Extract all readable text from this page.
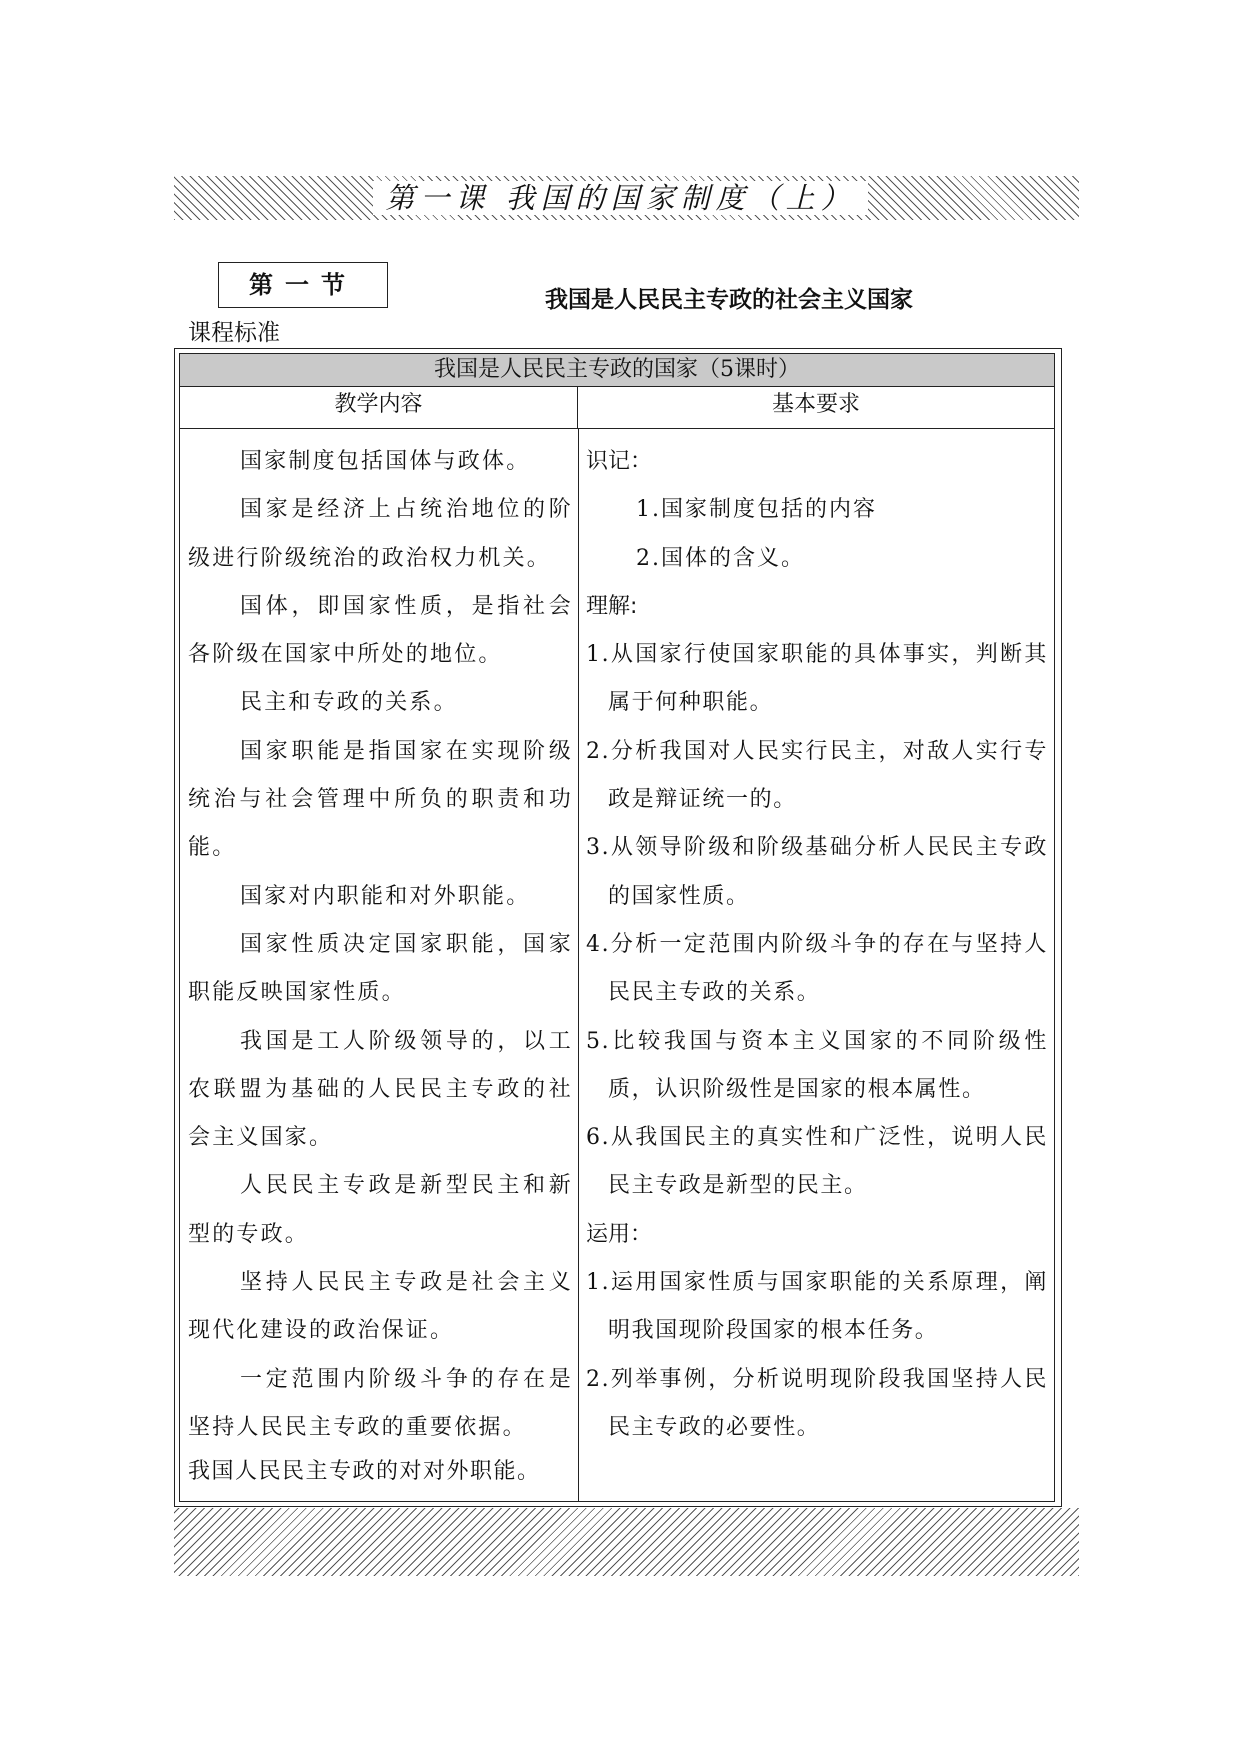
第一课 我国的国家制度（上）
第一节
我国是人民民主专政的社会主义国家
课程标准
我国是人民民主专政的国家（5课时）
教学内容	基本要求

国家制度包括国体与政体。

国家是经济上占统治地位的阶级进行阶级统治的政治权力机关。

国体，即国家性质，是指社会各阶级在国家中所处的地位。

民主和专政的关系。

国家职能是指国家在实现阶级统治与社会管理中所负的职责和功能。

国家对内职能和对外职能。

国家性质决定国家职能，国家职能反映国家性质。

我国是工人阶级领导的，以工农联盟为基础的人民民主专政的社会主义国家。

人民民主专政是新型民主和新型的专政。

坚持人民民主专政是社会主义现代化建设的政治保证。

一定范围内阶级斗争的存在是坚持人民民主专政的重要依据。

我国人民民主专政的对对外职能。

识记：

1.国家制度包括的内容

2.国体的含义。

理解:

1.从国家行使国家职能的具体事实，判断其属于何种职能。

2.分析我国对人民实行民主，对敌人实行专政是辩证统一的。

3.从领导阶级和阶级基础分析人民民主专政的国家性质。

4.分析一定范围内阶级斗争的存在与坚持人民民主专政的关系。

5.比较我国与资本主义国家的不同阶级性质，认识阶级性是国家的根本属性。

6.从我国民主的真实性和广泛性，说明人民民主专政是新型的民主。

运用：

1.运用国家性质与国家职能的关系原理，阐明我国现阶段国家的根本任务。

2.列举事例，分析说明现阶段我国坚持人民民主专政的必要性。
